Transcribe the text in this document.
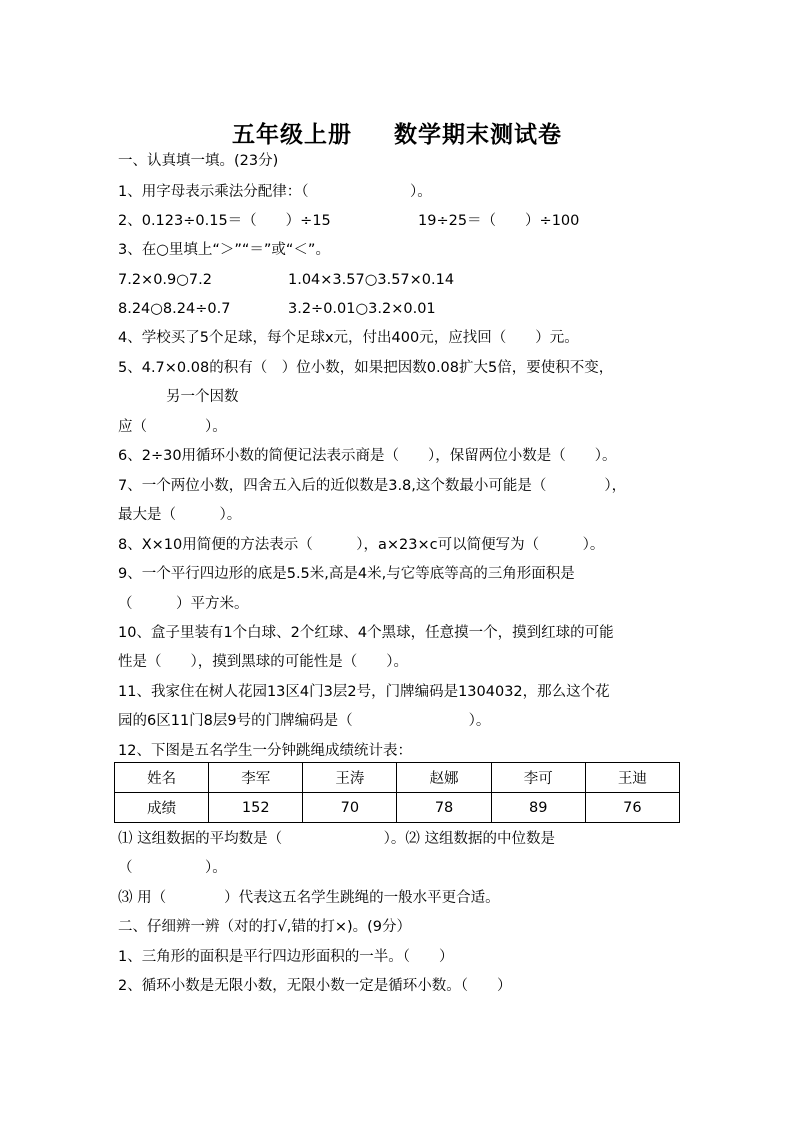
五年级上册 数学期末测试卷
一、认真填一填。(23分)
1、用字母表示乘法分配律：（　　　　　　　）。
2、0.123÷0.15＝（　　）÷15	19÷25＝（　　）÷100
3、在○里填上“＞”“＝”或“＜”。
7.2×0.9○7.2	1.04×3.57○3.57×0.14
8.24○8.24÷0.7	3.2÷0.01○3.2×0.01
4、学校买了5个足球，每个足球x元，付出400元，应找回（　　）元。
5、4.7×0.08的积有（　）位小数，如果把因数0.08扩大5倍，要使积不变，
另一个因数
应（　　　　）。
6、2÷30用循环小数的简便记法表示商是（　　），保留两位小数是（　　）。
7、一个两位小数，四舍五入后的近似数是3.8,这个数最小可能是（　　　　），
最大是（　　　）。
8、X×10用简便的方法表示（　　　），a×23×c可以简便写为（　　　）。
9、一个平行四边形的底是5.5米,高是4米,与它等底等高的三角形面积是
（　　　）平方米。
10、盒子里装有1个白球、2个红球、4个黑球，任意摸一个，摸到红球的可能
性是（　　），摸到黑球的可能性是（　　）。
11、我家住在树人花园13区4门3层2号，门牌编码是1304032，那么这个花
园的6区11门8层9号的门牌编码是（　　　　　　　　）。
12、下图是五名学生一分钟跳绳成绩统计表：
姓名	李军	王涛	赵娜	李可	王迪
成绩	152	70	78	89	76
⑴ 这组数据的平均数是（　　　　　　　）。⑵ 这组数据的中位数是
（　　　　　）。
⑶ 用（　　　　）代表这五名学生跳绳的一般水平更合适。
二、仔细辨一辨（对的打√,错的打×)。(9分）
1、三角形的面积是平行四边形面积的一半。（　　）
2、循环小数是无限小数，无限小数一定是循环小数。（　　）
